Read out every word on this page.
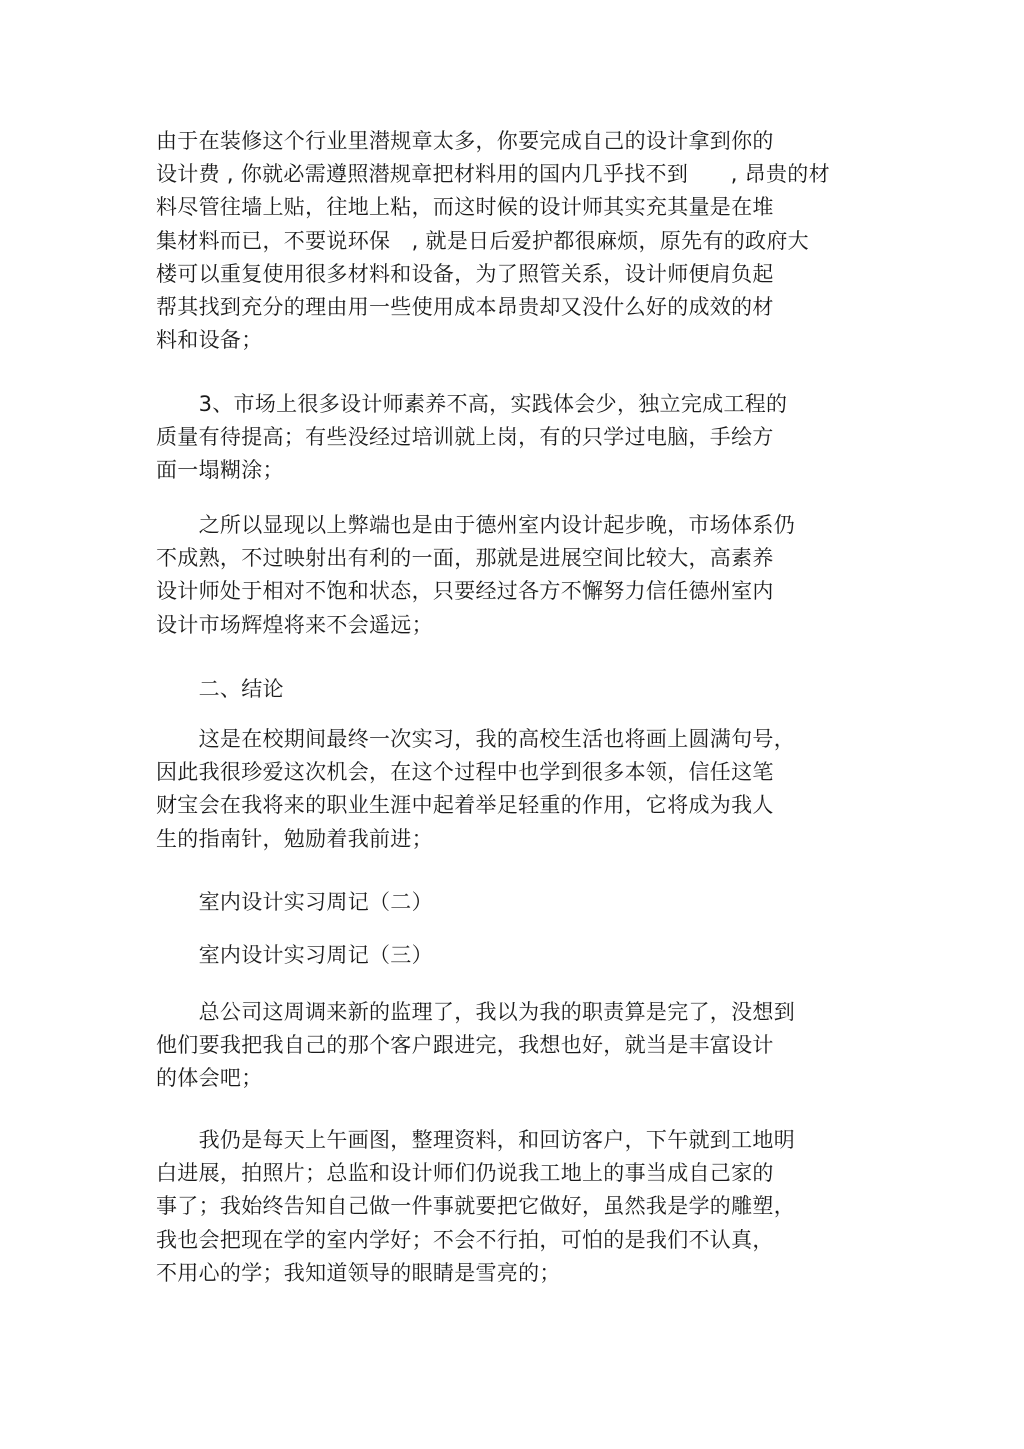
由于在装修这个行业里潜规章太多，你要完成自己的设计拿到你的
设计费 , 你就必需遵照潜规章把材料用的国内几乎找不到　　, 昂贵的材
料尽管往墙上贴，往地上粘，而这时候的设计师其实充其量是在堆
集材料而已，不要说环保　, 就是日后爱护都很麻烦，原先有的政府大
楼可以重复使用很多材料和设备，为了照管关系，设计师便肩负起
帮其找到充分的理由用一些使用成本昂贵却又没什么好的成效的材
料和设备；
　　3、市场上很多设计师素养不高，实践体会少，独立完成工程的
质量有待提高；有些没经过培训就上岗，有的只学过电脑，手绘方
面一塌糊涂；
　　之所以显现以上弊端也是由于德州室内设计起步晚，市场体系仍
不成熟，不过映射出有利的一面，那就是进展空间比较大，高素养
设计师处于相对不饱和状态，只要经过各方不懈努力信任德州室内
设计市场辉煌将来不会遥远；
　　二、结论
　　这是在校期间最终一次实习，我的高校生活也将画上圆满句号，
因此我很珍爱这次机会，在这个过程中也学到很多本领，信任这笔
财宝会在我将来的职业生涯中起着举足轻重的作用，它将成为我人
生的指南针，勉励着我前进；
　　室内设计实习周记（二）
　　室内设计实习周记（三）
　　总公司这周调来新的监理了，我以为我的职责算是完了，没想到
他们要我把我自己的那个客户跟进完，我想也好，就当是丰富设计
的体会吧；
　　我仍是每天上午画图，整理资料，和回访客户，下午就到工地明
白进展，拍照片；总监和设计师们仍说我工地上的事当成自己家的
事了；我始终告知自己做一件事就要把它做好，虽然我是学的雕塑，
我也会把现在学的室内学好；不会不行拍，可怕的是我们不认真，
不用心的学；我知道领导的眼睛是雪亮的；
